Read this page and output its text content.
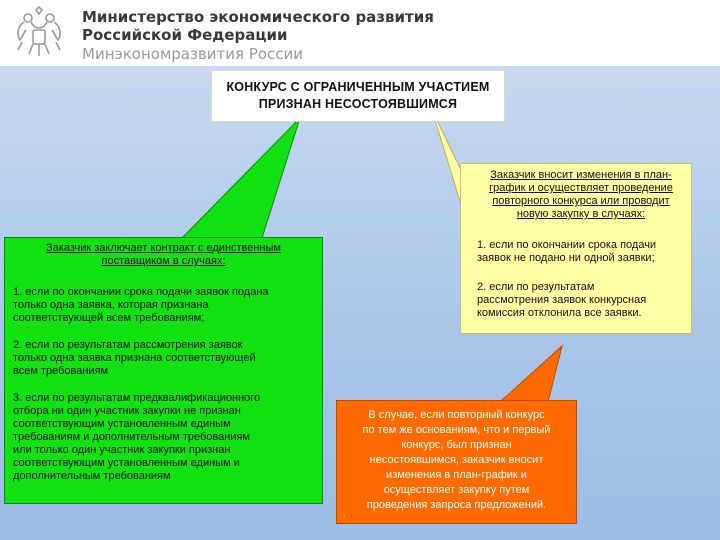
Министерство экономического развития
Российской Федерации
Минэкономразвития России
КОНКУРС С ОГРАНИЧЕННЫМ УЧАСТИЕМ
ПРИЗНАН НЕСОСТОЯВШИМСЯ
Заказчик заключает контракт с единственным
поставщиком в случаях:
1. если по окончании срока подачи заявок подана
только одна заявка, которая признана
соответствующей всем требованиям;
2. если по результатам рассмотрения заявок
только одна заявка признана соответствующей
всем требованиям
3. если по результатам предквалификационного
отбора ни один участник закупки не признан
соответствующим установленным единым
требованиям и дополнительным требованиям
или только один участник закупки признан
соответствующим установленным единым и
дополнительным требованиям
Заказчик вносит изменения в план-
график и осуществляет проведение
повторного конкурса или проводит
новую закупку в случаях:
1. если по окончании срока подачи
заявок не подано ни одной заявки;
2. если по результатам
рассмотрения заявок конкурсная
комиссия отклонила все заявки.
В случае, если повторный конкурс
по тем же основаниям, что и первый
конкурс, был признан
несостоявшимся, заказчик вносит
изменения в план-график и
осуществляет закупку путем
проведения запроса предложений.
.
